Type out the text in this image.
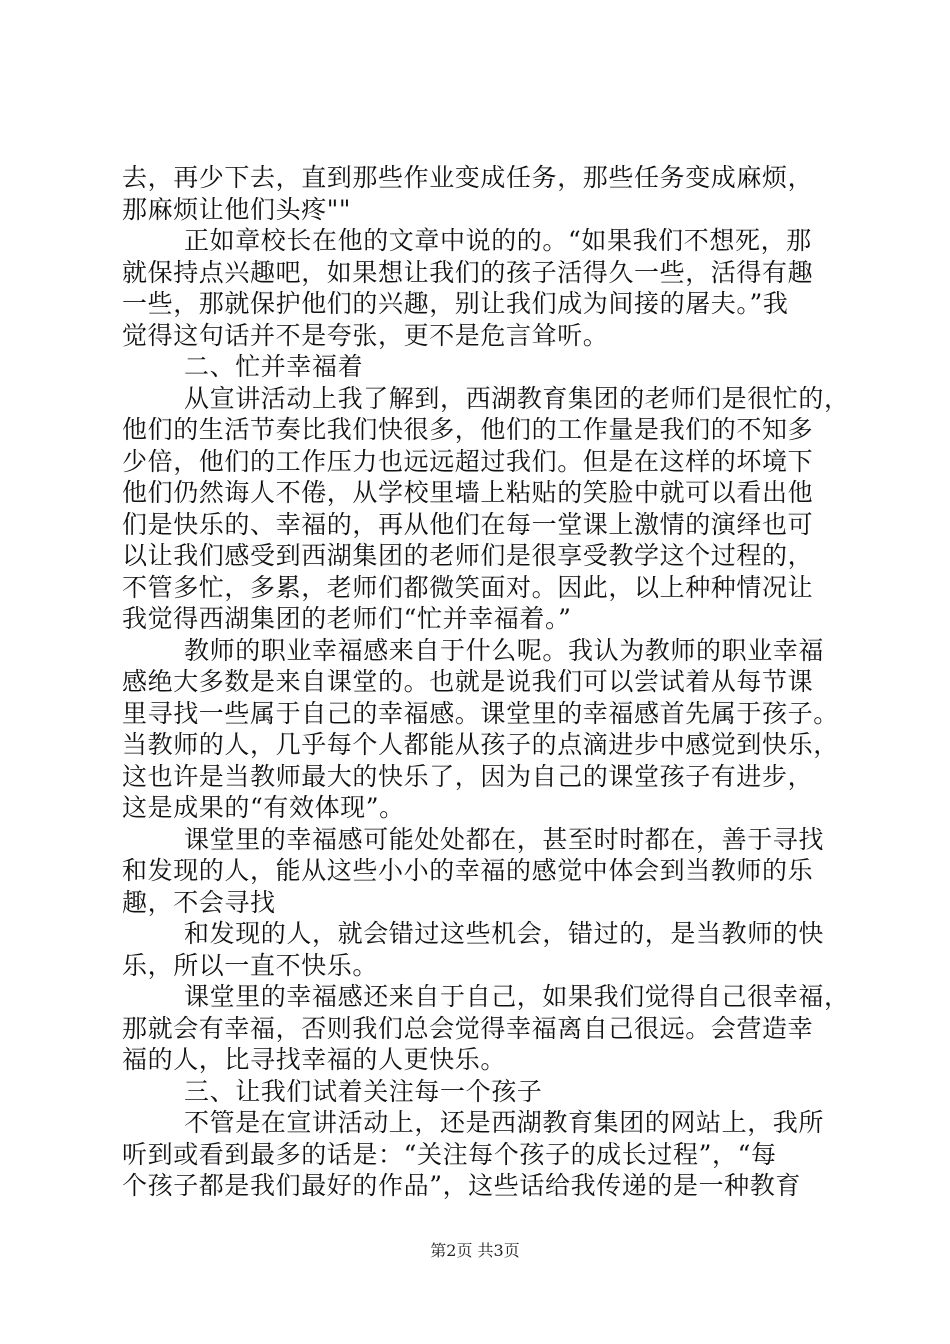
去，再少下去，直到那些作业变成任务，那些任务变成麻烦，
那麻烦让他们头疼""
正如章校长在他的文章中说的的。“如果我们不想死，那
就保持点兴趣吧，如果想让我们的孩子活得久一些，活得有趣
一些，那就保护他们的兴趣，别让我们成为间接的屠夫。”我
觉得这句话并不是夸张，更不是危言耸听。
二、忙并幸福着
从宣讲活动上我了解到，西湖教育集团的老师们是很忙的，
他们的生活节奏比我们快很多，他们的工作量是我们的不知多
少倍，他们的工作压力也远远超过我们。但是在这样的坏境下
他们仍然诲人不倦，从学校里墙上粘贴的笑脸中就可以看出他
们是快乐的、幸福的，再从他们在每一堂课上激情的演绎也可
以让我们感受到西湖集团的老师们是很享受教学这个过程的，
不管多忙，多累，老师们都微笑面对。因此，以上种种情况让
我觉得西湖集团的老师们“忙并幸福着。”
教师的职业幸福感来自于什么呢。我认为教师的职业幸福
感绝大多数是来自课堂的。也就是说我们可以尝试着从每节课
里寻找一些属于自己的幸福感。课堂里的幸福感首先属于孩子。
当教师的人，几乎每个人都能从孩子的点滴进步中感觉到快乐，
这也许是当教师最大的快乐了，因为自己的课堂孩子有进步，
这是成果的“有效体现”。
课堂里的幸福感可能处处都在，甚至时时都在，善于寻找
和发现的人，能从这些小小的幸福的感觉中体会到当教师的乐
趣，不会寻找
和发现的人，就会错过这些机会，错过的，是当教师的快
乐，所以一直不快乐。
课堂里的幸福感还来自于自己，如果我们觉得自己很幸福，
那就会有幸福，否则我们总会觉得幸福离自己很远。会营造幸
福的人，比寻找幸福的人更快乐。
三、让我们试着关注每一个孩子
不管是在宣讲活动上，还是西湖教育集团的网站上，我所
听到或看到最多的话是：“关注每个孩子的成长过程”，“每
个孩子都是我们最好的作品”，这些话给我传递的是一种教育
第2页 共3页
